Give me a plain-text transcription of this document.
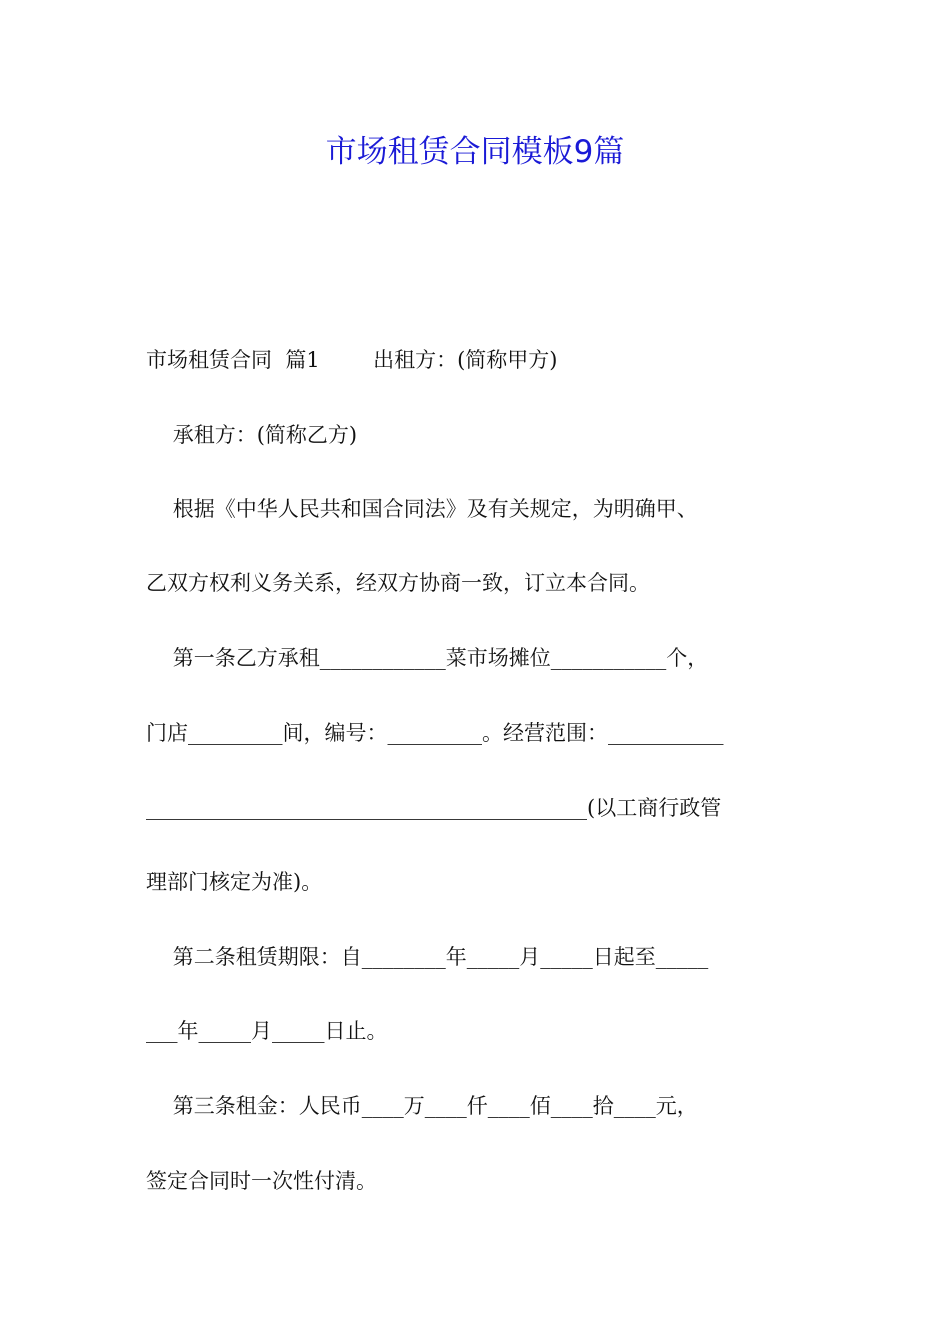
市场租赁合同模板9篇
市场租赁合同  篇1        出租方：(简称甲方)
承租方：(简称乙方)
根据《中华人民共和国合同法》及有关规定，为明确甲、
乙双方权利义务关系，经双方协商一致，订立本合同。
第一条乙方承租____________菜市场摊位___________个，
门店_________间，编号：_________。经营范围：___________
__________________________________________(以工商行政管
理部门核定为准)。
第二条租赁期限：自________年_____月_____日起至_____
___年_____月_____日止。
第三条租金：人民币____万____仟____佰____拾____元，
签定合同时一次性付清。
